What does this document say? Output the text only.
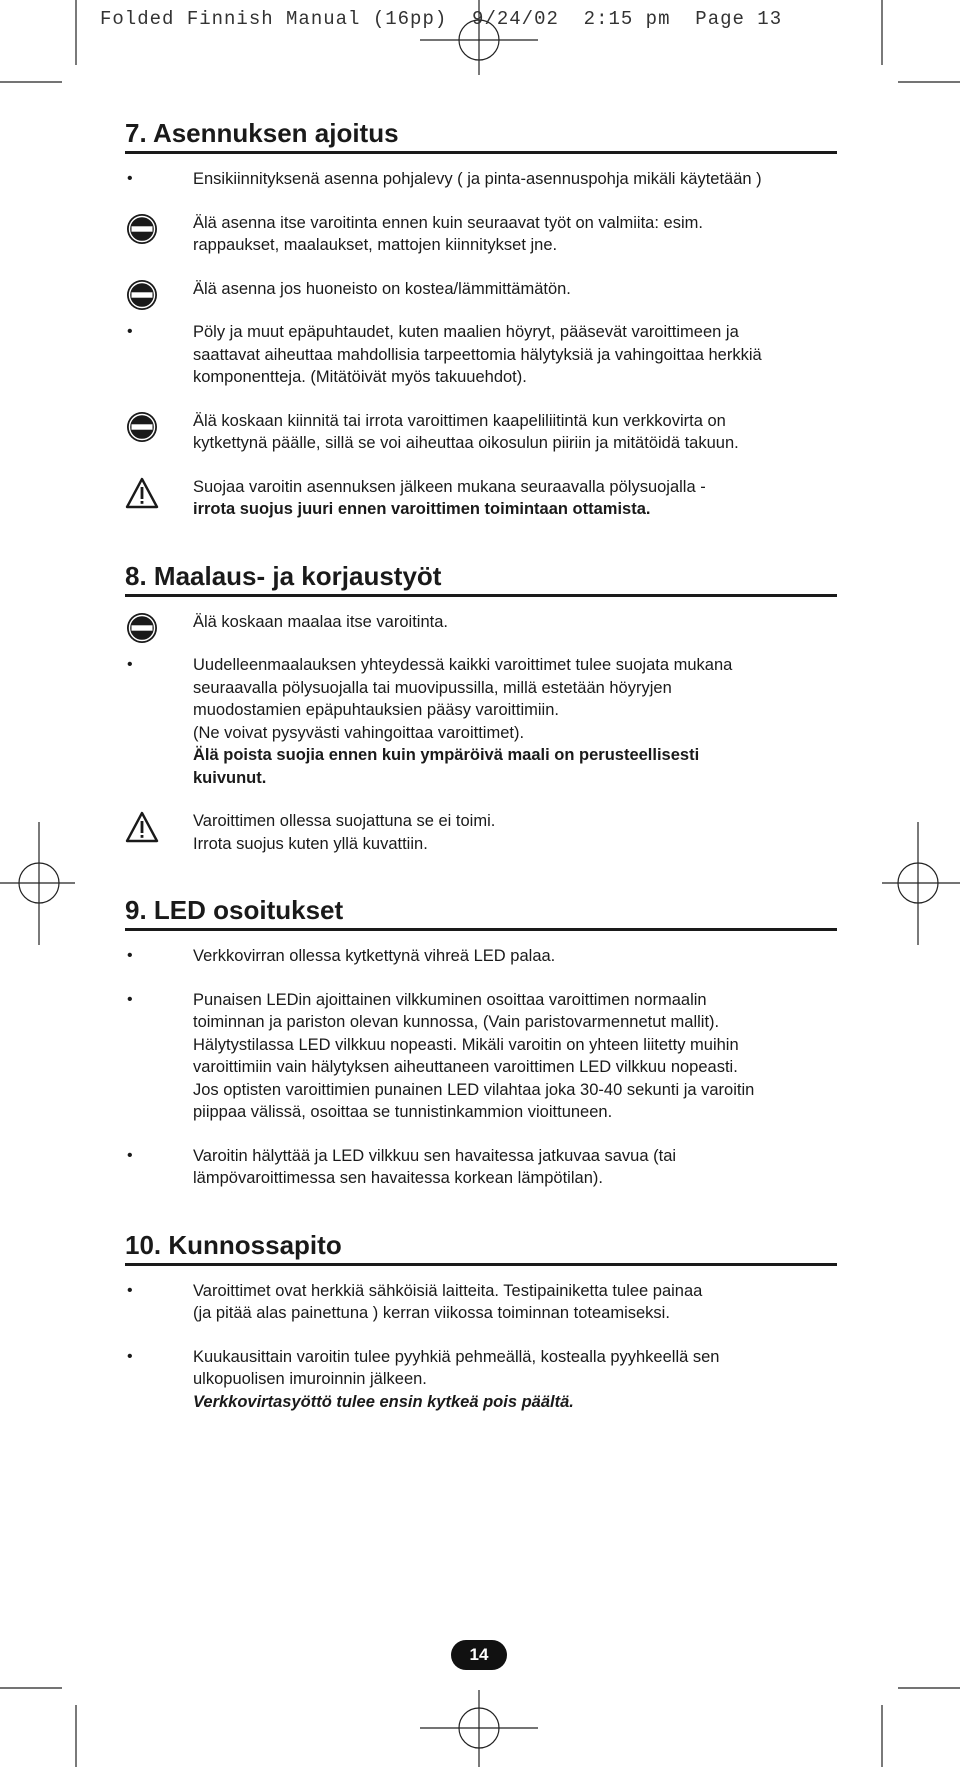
Folded Finnish Manual (16pp)  9/24/02  2:15 pm  Page 13
7. Asennuksen ajoitus
•	Ensikiinnityksenä asenna pohjalevy ( ja pinta-asennuspohja mikäli käytetään )
Älä asenna itse varoitinta ennen kuin seuraavat työt on valmiita: esim.
rappaukset, maalaukset, mattojen kiinnitykset jne.
Älä asenna jos huoneisto on kostea/lämmittämätön.
•	Pöly ja muut epäpuhtaudet, kuten maalien höyryt, pääsevät varoittimeen ja
saattavat aiheuttaa mahdollisia tarpeettomia hälytyksiä ja vahingoittaa herkkiä
komponentteja. (Mitätöivät myös takuuehdot).
Älä koskaan kiinnitä tai irrota varoittimen kaapeliliitintä kun verkkovirta on
kytkettynä päälle, sillä se voi aiheuttaa oikosulun piiriin ja mitätöidä takuun.
Suojaa varoitin asennuksen jälkeen mukana seuraavalla pölysuojalla -
irrota suojus juuri ennen varoittimen toimintaan ottamista.
8. Maalaus- ja korjaustyöt
Älä koskaan maalaa itse varoitinta.
•	Uudelleenmaalauksen yhteydessä kaikki varoittimet tulee suojata mukana
seuraavalla pölysuojalla tai muovipussilla, millä estetään höyryjen
muodostamien epäpuhtauksien pääsy varoittimiin.
(Ne voivat pysyvästi vahingoittaa varoittimet).
Älä poista suojia ennen kuin ympäröivä maali on perusteellisesti
kuivunut.
Varoittimen ollessa suojattuna se ei toimi.
Irrota suojus kuten yllä kuvattiin.
9. LED osoitukset
•	Verkkovirran ollessa kytkettynä vihreä LED palaa.
•	Punaisen LEDin ajoittainen vilkkuminen osoittaa varoittimen normaalin
toiminnan ja pariston olevan kunnossa, (Vain paristovarmennetut mallit).
Hälytystilassa LED vilkkuu nopeasti. Mikäli varoitin on yhteen liitetty muihin
varoittimiin vain hälytyksen aiheuttaneen varoittimen LED vilkkuu nopeasti.
Jos optisten varoittimien punainen LED vilahtaa joka 30-40 sekunti ja varoitin
piippaa välissä, osoittaa se tunnistinkammion vioittuneen.
•	Varoitin hälyttää ja LED vilkkuu sen havaitessa jatkuvaa savua (tai
lämpövaroittimessa sen havaitessa korkean lämpötilan).
10. Kunnossapito
•	Varoittimet ovat herkkiä sähköisiä laitteita. Testipainiketta tulee painaa
(ja pitää alas painettuna ) kerran viikossa toiminnan toteamiseksi.
•	Kuukausittain varoitin tulee pyyhkiä pehmeällä, kostealla pyyhkeellä sen
ulkopuolisen imuroinnin jälkeen.
Verkkovirtasyöttö tulee ensin kytkeä pois päältä.
14
